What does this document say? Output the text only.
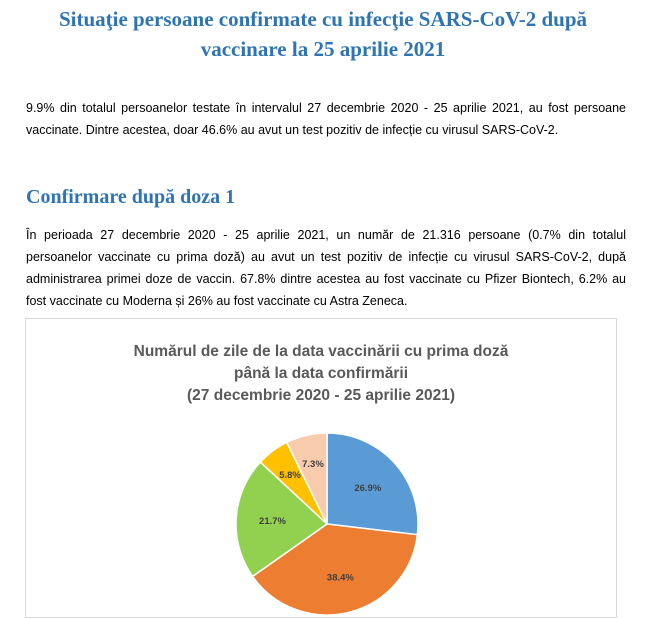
Situaţie persoane confirmate cu infecţie SARS-CoV-2 după
vaccinare la 25 aprilie 2021

9.9% din totalul persoanelor testate în intervalul 27 decembrie 2020 - 25 aprilie 2021, au fost persoane vaccinate. Dintre acestea, doar 46.6% au avut un test pozitiv de infecție cu virusul SARS-CoV-2.

Confirmare după doza 1

În perioada 27 decembrie 2020 - 25 aprilie 2021, un număr de 21.316 persoane (0.7% din totalul persoanelor vaccinate cu prima doză) au avut un test pozitiv de infecție cu virusul SARS-CoV-2, după administrarea primei doze de vaccin. 67.8% dintre acestea au fost vaccinate cu Pfizer Biontech, 6.2% au fost vaccinate cu Moderna și 26% au fost vaccinate cu Astra Zeneca.

Numărul de zile de la data vaccinării cu prima doză
până la data confirmării
(27 decembrie 2020 - 25 aprilie 2021)
26.9%
38.4%
21.7%
5.8%
7.3%
